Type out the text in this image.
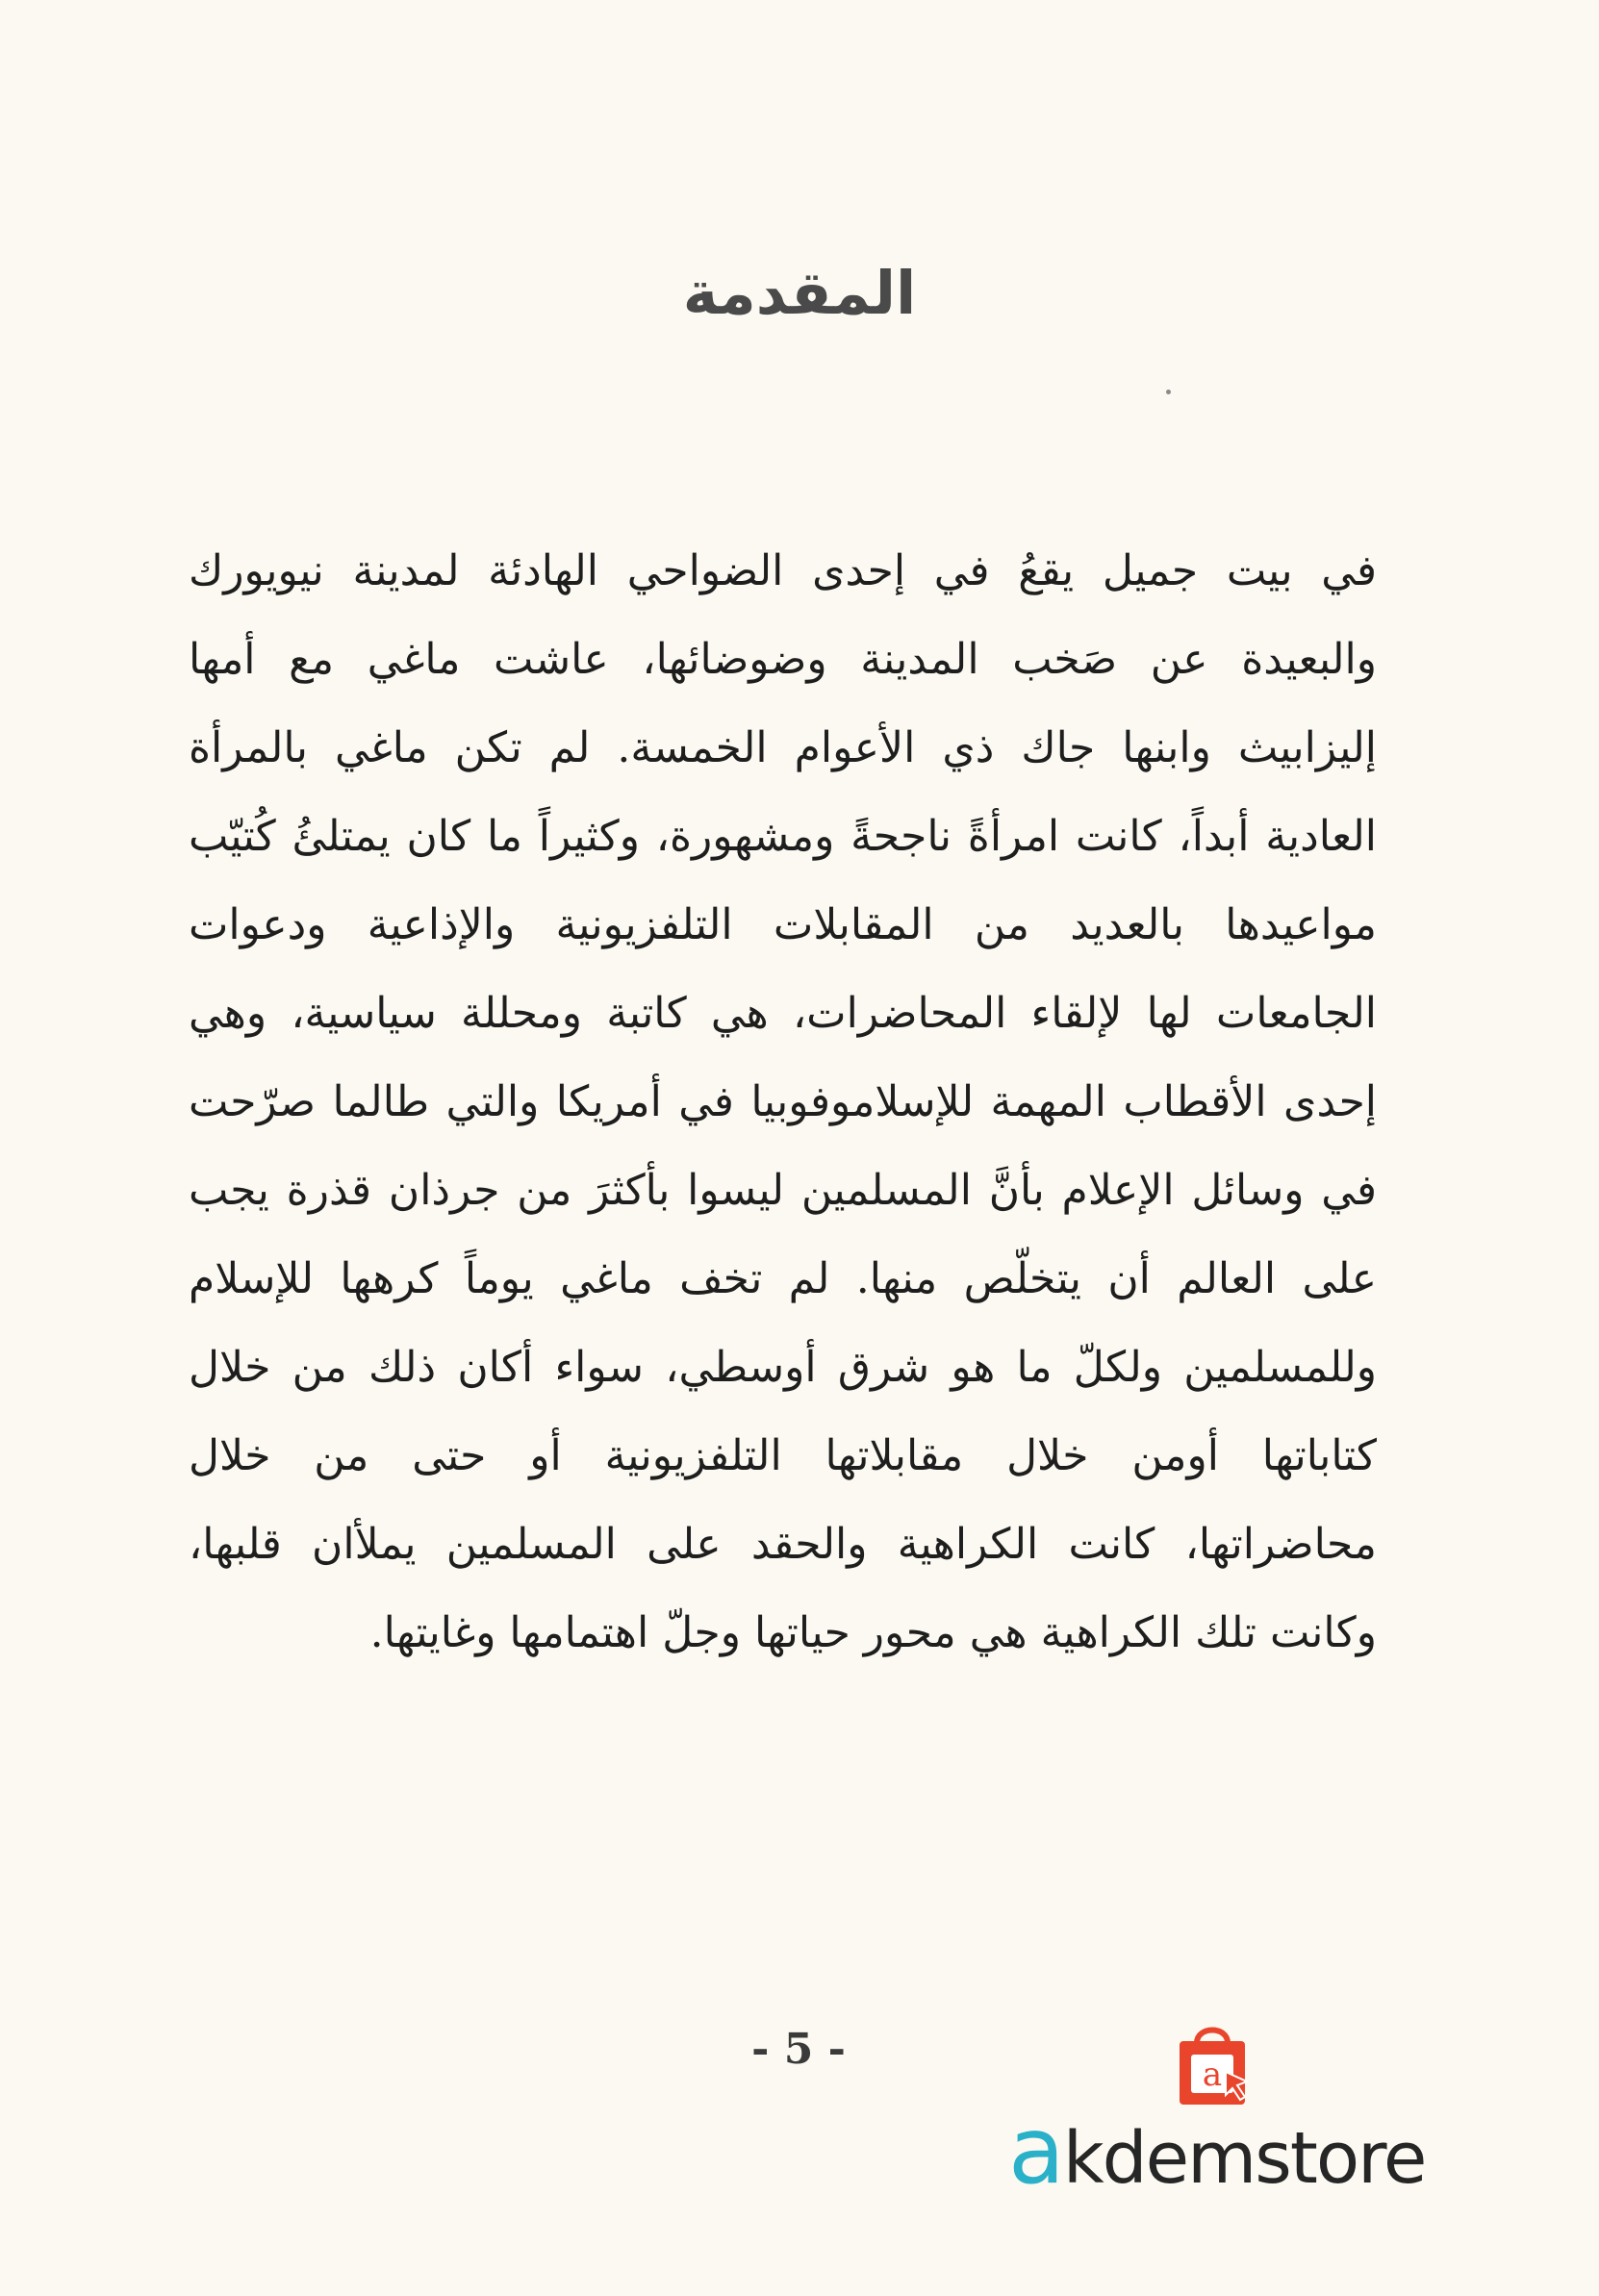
المقدمة
في بيت جميل يقعُ في إحدى الضواحي الهادئة لمدينة نيويورك
والبعيدة عن صَخب المدينة وضوضائها، عاشت ماغي مع أمها
إليزابيث وابنها جاك ذي الأعوام الخمسة. لم تكن ماغي بالمرأة
العادية أبداً، كانت امرأةً ناجحةً ومشهورة، وكثيراً ما كان يمتلئُ كُتيّب
مواعيدها بالعديد من المقابلات التلفزيونية والإذاعية ودعوات
الجامعات لها لإلقاء المحاضرات، هي كاتبة ومحللة سياسية، وهي
إحدى الأقطاب المهمة للإسلاموفوبيا في أمريكا والتي طالما صرّحت
في وسائل الإعلام بأنَّ المسلمين ليسوا بأكثرَ من جرذان قذرة يجب
على العالم أن يتخلّص منها. لم تخف ماغي يوماً كرهها للإسلام
وللمسلمين ولكلّ ما هو شرق أوسطي، سواء أكان ذلك من خلال
كتاباتها أومن خلال مقابلاتها التلفزيونية أو حتى من خلال
محاضراتها، كانت الكراهية والحقد على المسلمين يملأان قلبها،
وكانت تلك الكراهية هي محور حياتها وجلّ اهتمامها وغايتها.
- 5 -
a
akdemstore
